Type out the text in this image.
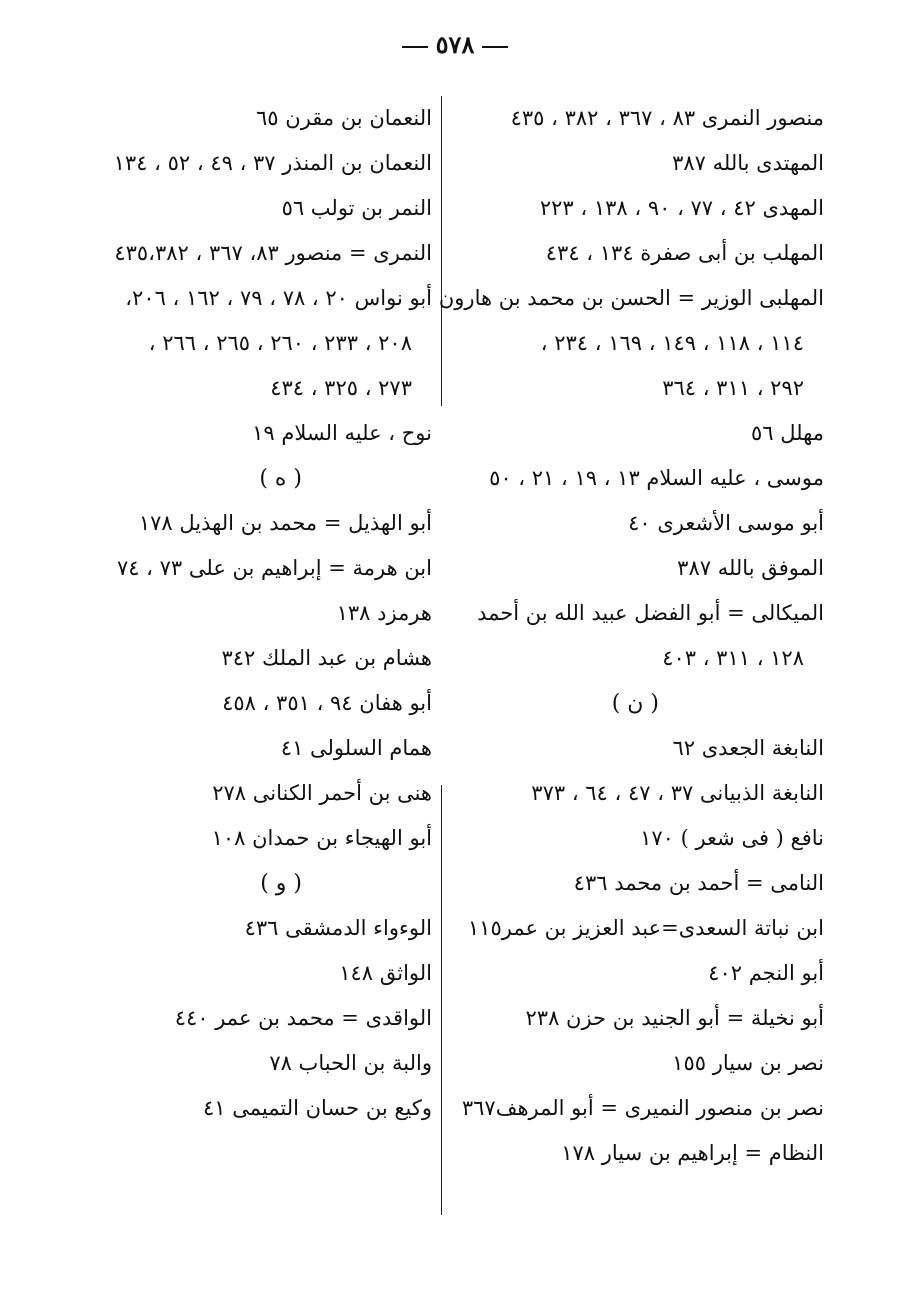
٥٧٨
منصور النمرى ٨٣ ، ٣٦٧ ، ٣٨٢ ، ٤٣٥
المهتدى بالله ٣٨٧
المهدى ٤٢ ، ٧٧ ، ٩٠ ، ١٣٨ ، ٢٢٣
المهلب بن أبى صفرة ١٣٤ ، ٤٣٤
المهلبى الوزير = الحسن بن محمد بن هارون
١١٤ ، ١١٨ ، ١٤٩ ، ١٦٩ ، ٢٣٤ ،
٢٩٢ ، ٣١١ ، ٣٦٤
مهلل ٥٦
موسى ، عليه السلام ١٣ ، ١٩ ، ٢١ ، ٥٠
أبو موسى الأشعرى ٤٠
الموفق بالله ٣٨٧
الميكالى = أبو الفضل عبيد الله بن أحمد
١٢٨ ، ٣١١ ، ٤٠٣
( ن )
النابغة الجعدى ٦٢
النابغة الذبيانى ٣٧ ، ٤٧ ، ٦٤ ، ٣٧٣
نافع ( فى شعر ) ١٧٠
النامى = أحمد بن محمد ٤٣٦
ابن نباتة السعدى=عبد العزيز بن عمر١١٥
أبو النجم ٤٠٢
أبو نخيلة = أبو الجنيد بن حزن ٢٣٨
نصر بن سيار ١٥٥
نصر بن منصور النميرى = أبو المرهف٣٦٧
النظام = إبراهيم بن سيار ١٧٨
النعمان بن مقرن ٦٥
النعمان بن المنذر ٣٧ ، ٤٩ ، ٥٢ ، ١٣٤
النمر بن تولب ٥٦
النمرى = منصور ٨٣، ٣٦٧ ، ٤٣٥،٣٨٢
أبو نواس ٢٠ ، ٧٨ ، ٧٩ ، ١٦٢ ، ٢٠٦،
٢٠٨ ، ٢٣٣ ، ٢٦٠ ، ٢٦٥ ، ٢٦٦ ،
٢٧٣ ، ٣٢٥ ، ٤٣٤
نوح ، عليه السلام ١٩
( ه )
أبو الهذيل = محمد بن الهذيل ١٧٨
ابن هرمة = إبراهيم بن على ٧٣ ، ٧٤
هرمزد ١٣٨
هشام بن عبد الملك ٣٤٢
أبو هفان ٩٤ ، ٣٥١ ، ٤٥٨
همام السلولى ٤١
هنى بن أحمر الكنانى ٢٧٨
أبو الهيجاء بن حمدان ١٠٨
( و )
الوءواء الدمشقى ٤٣٦
الواثق ١٤٨
الواقدى = محمد بن عمر ٤٤٠
والبة بن الحباب ٧٨
وكيع بن حسان التميمى ٤١
